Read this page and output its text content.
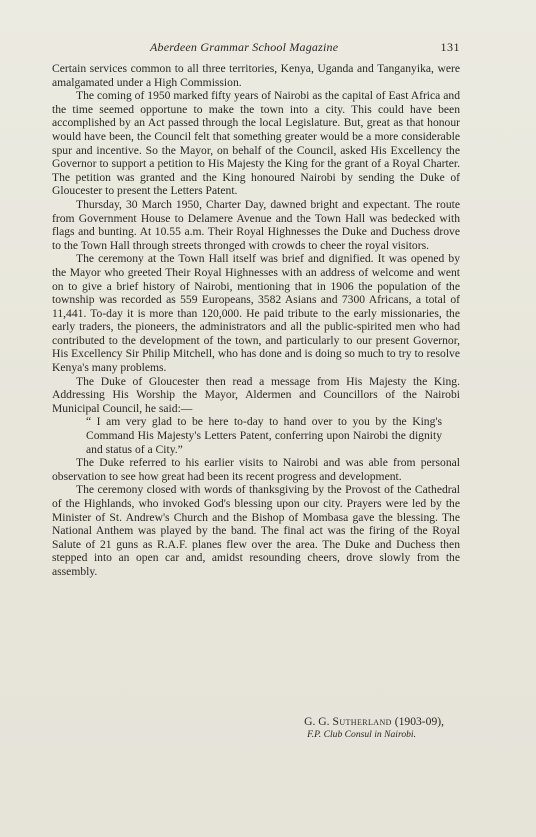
Aberdeen Grammar School Magazine	131

Certain services common to all three territories, Kenya, Uganda and Tanganyika, were amalgamated under a High Commission.

The coming of 1950 marked fifty years of Nairobi as the capital of East Africa and the time seemed opportune to make the town into a city. This could have been accomplished by an Act passed through the local Legislature. But, great as that honour would have been, the Council felt that something greater would be a more considerable spur and incentive. So the Mayor, on behalf of the Council, asked His Excellency the Governor to support a petition to His Majesty the King for the grant of a Royal Charter. The petition was granted and the King honoured Nairobi by sending the Duke of Gloucester to present the Letters Patent.

Thursday, 30 March 1950, Charter Day, dawned bright and expectant. The route from Government House to Delamere Avenue and the Town Hall was bedecked with flags and bunting. At 10.55 a.m. Their Royal Highnesses the Duke and Duchess drove to the Town Hall through streets thronged with crowds to cheer the royal visitors.

The ceremony at the Town Hall itself was brief and dignified. It was opened by the Mayor who greeted Their Royal Highnesses with an address of welcome and went on to give a brief history of Nairobi, mentioning that in 1906 the population of the township was recorded as 559 Europeans, 3582 Asians and 7300 Africans, a total of 11,441. To-day it is more than 120,000. He paid tribute to the early missionaries, the early traders, the pioneers, the administrators and all the public-spirited men who had contributed to the development of the town, and particularly to our present Governor, His Excellency Sir Philip Mitchell, who has done and is doing so much to try to resolve Kenya's many problems.

The Duke of Gloucester then read a message from His Majesty the King. Addressing His Worship the Mayor, Aldermen and Councillors of the Nairobi Municipal Council, he said:—

“ I am very glad to be here to-day to hand over to you by the King's Command His Majesty's Letters Patent, conferring upon Nairobi the dignity and status of a City.”

The Duke referred to his earlier visits to Nairobi and was able from personal observation to see how great had been its recent progress and development.

The ceremony closed with words of thanksgiving by the Provost of the Cathedral of the Highlands, who invoked God's blessing upon our city. Prayers were led by the Minister of St. Andrew's Church and the Bishop of Mombasa gave the blessing. The National Anthem was played by the band. The final act was the firing of the Royal Salute of 21 guns as R.A.F. planes flew over the area. The Duke and Duchess then stepped into an open car and, amidst resounding cheers, drove slowly from the assembly.

G. G. Sutherland (1903-09),
F.P. Club Consul in Nairobi.
